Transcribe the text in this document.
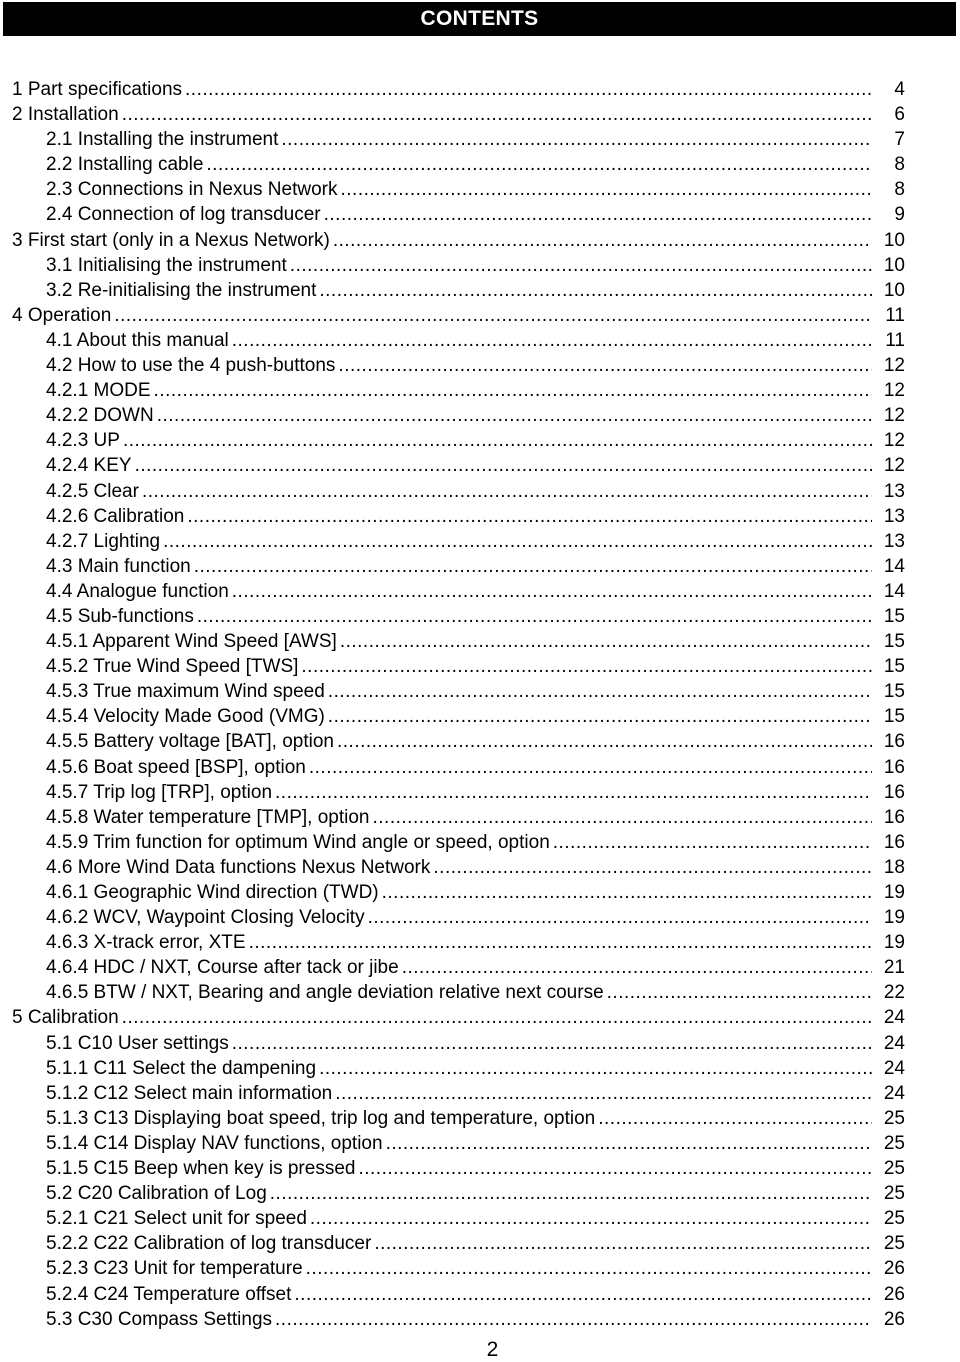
CONTENTS
1 Part specifications .....	4
2 Installation .....	6
2.1 Installing the instrument .....	7
2.2 Installing cable .....	8
2.3 Connections in Nexus Network .....	8
2.4 Connection of log transducer .....	9
3 First start (only in a Nexus Network) .....	10
3.1 Initialising the instrument .....	10
3.2 Re-initialising the instrument .....	10
4 Operation .....	11
4.1 About this manual .....	11
4.2 How to use the 4 push-buttons .....	12
4.2.1 MODE .....	12
4.2.2 DOWN .....	12
4.2.3 UP .....	12
4.2.4 KEY .....	12
4.2.5 Clear .....	13
4.2.6 Calibration .....	13
4.2.7 Lighting .....	13
4.3 Main function .....	14
4.4 Analogue function .....	14
4.5 Sub-functions .....	15
4.5.1 Apparent Wind Speed [AWS] .....	15
4.5.2 True Wind Speed [TWS] .....	15
4.5.3 True maximum Wind speed .....	15
4.5.4 Velocity Made Good (VMG) .....	15
4.5.5 Battery voltage [BAT], option .....	16
4.5.6 Boat speed [BSP], option .....	16
4.5.7 Trip log [TRP], option .....	16
4.5.8 Water temperature [TMP], option .....	16
4.5.9 Trim function for optimum Wind angle or speed, option .....	16
4.6 More Wind Data functions Nexus Network .....	18
4.6.1 Geographic Wind direction (TWD) .....	19
4.6.2 WCV, Waypoint Closing Velocity .....	19
4.6.3 X-track error, XTE .....	19
4.6.4 HDC / NXT, Course after tack or jibe .....	21
4.6.5 BTW / NXT, Bearing and angle deviation relative next course .....	22
5 Calibration .....	24
5.1 C10 User settings .....	24
5.1.1 C11 Select the dampening .....	24
5.1.2 C12 Select main information .....	24
5.1.3 C13 Displaying boat speed, trip log and temperature, option .....	25
5.1.4 C14 Display NAV functions, option .....	25
5.1.5 C15 Beep when key is pressed .....	25
5.2 C20 Calibration of Log .....	25
5.2.1 C21 Select unit for speed .....	25
5.2.2 C22 Calibration of log transducer .....	25
5.2.3 C23 Unit for temperature .....	26
5.2.4 C24 Temperature offset .....	26
5.3 C30 Compass Settings .....	26
2
